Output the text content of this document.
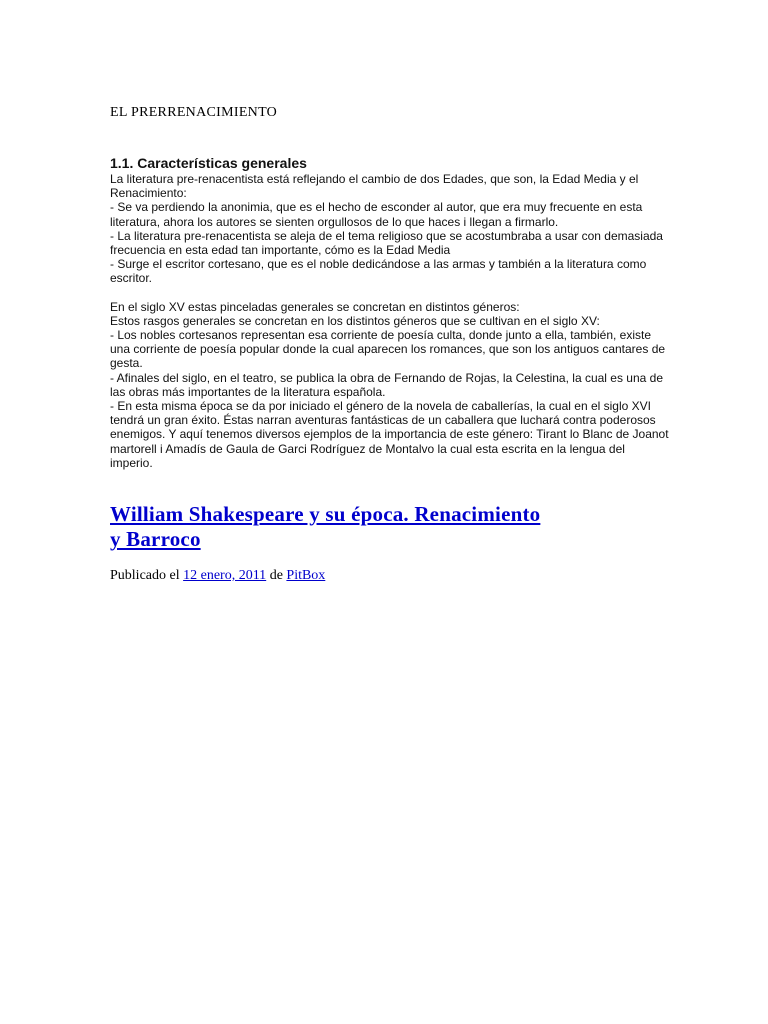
EL PRERRENACIMIENTO
1.1. Características generales

La literatura pre-renacentista está reflejando el cambio de dos Edades, que son, la Edad Media y el Renacimiento:

- Se va perdiendo la anonimia, que es el hecho de esconder al autor, que era muy frecuente en esta literatura, ahora los autores se sienten orgullosos de lo que haces i llegan a firmarlo.

- La literatura pre-renacentista se aleja de el tema religioso que se acostumbraba a usar con demasiada frecuencia en esta edad tan importante, cómo es la Edad Media

- Surge el escritor cortesano, que es el noble dedicándose a las armas y también a la literatura como escritor.

En el siglo XV estas pinceladas generales se concretan en distintos géneros:

Estos rasgos generales se concretan en los distintos géneros que se cultivan en el siglo XV:

- Los nobles cortesanos representan esa corriente de poesía culta, donde junto a ella, también, existe una corriente de poesía popular donde la cual aparecen los romances, que son los antiguos cantares de gesta.

- Afinales del siglo, en el teatro, se publica la obra de Fernando de Rojas, la Celestina, la cual es una de las obras más importantes de la literatura española.

- En esta misma época se da por iniciado el género de la novela de caballerías, la cual en el siglo XVI tendrá un gran éxito. Éstas narran aventuras fantásticas de un caballera que luchará contra poderosos enemigos. Y aquí tenemos diversos ejemplos de la importancia de este género: Tirant lo Blanc de Joanot martorell i Amadís de Gaula de Garci Rodríguez de Montalvo la cual esta escrita en la lengua del imperio.

William Shakespeare y su época. Renacimiento
y Barroco
Publicado el 12 enero, 2011 de PitBox
